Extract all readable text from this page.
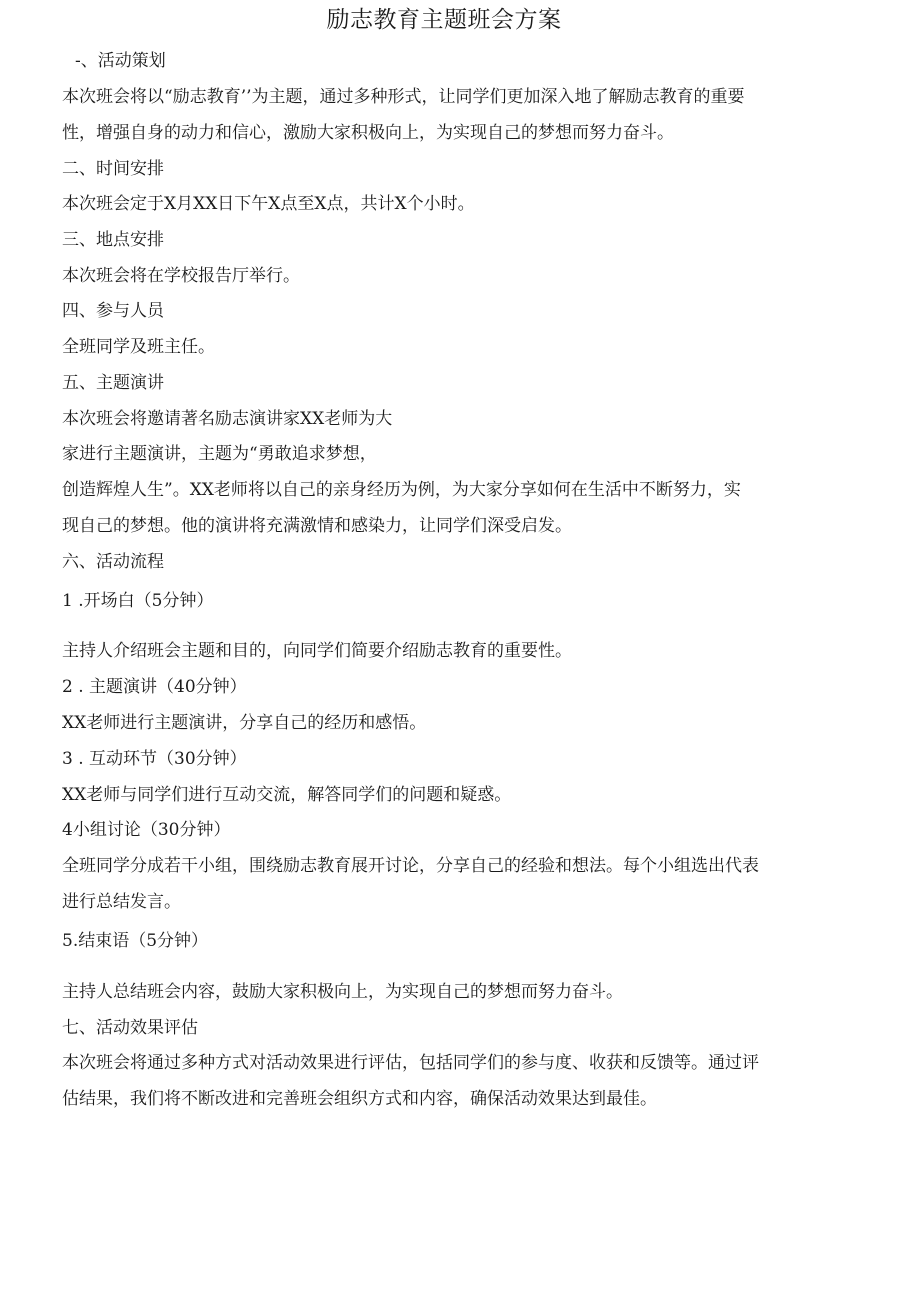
励志教育主题班会方案
-、活动策划
本次班会将以“励志教育’’为主题，通过多种形式，让同学们更加深入地了解励志教育的重要
性，增强自身的动力和信心，激励大家积极向上，为实现自己的梦想而努力奋斗。
二、时间安排
本次班会定于X月XX日下午X点至X点，共计X个小时。
三、地点安排
本次班会将在学校报告厅举行。
四、参与人员
全班同学及班主任。
五、主题演讲
本次班会将邀请著名励志演讲家XX老师为大
家进行主题演讲，主题为“勇敢追求梦想，
创造辉煌人生”。XX老师将以自己的亲身经历为例，为大家分享如何在生活中不断努力，实
现自己的梦想。他的演讲将充满激情和感染力，让同学们深受启发。
六、活动流程
1 .开场白（5分钟）
主持人介绍班会主题和目的，向同学们简要介绍励志教育的重要性。
2 . 主题演讲（40分钟）
XX老师进行主题演讲，分享自己的经历和感悟。
3 . 互动环节（30分钟）
XX老师与同学们进行互动交流，解答同学们的问题和疑惑。
4小组讨论（30分钟）
全班同学分成若干小组，围绕励志教育展开讨论，分享自己的经验和想法。每个小组选出代表
进行总结发言。
5.结束语（5分钟）
主持人总结班会内容，鼓励大家积极向上，为实现自己的梦想而努力奋斗。
七、活动效果评估
本次班会将通过多种方式对活动效果进行评估，包括同学们的参与度、收获和反馈等。通过评
估结果，我们将不断改进和完善班会组织方式和内容，确保活动效果达到最佳。
